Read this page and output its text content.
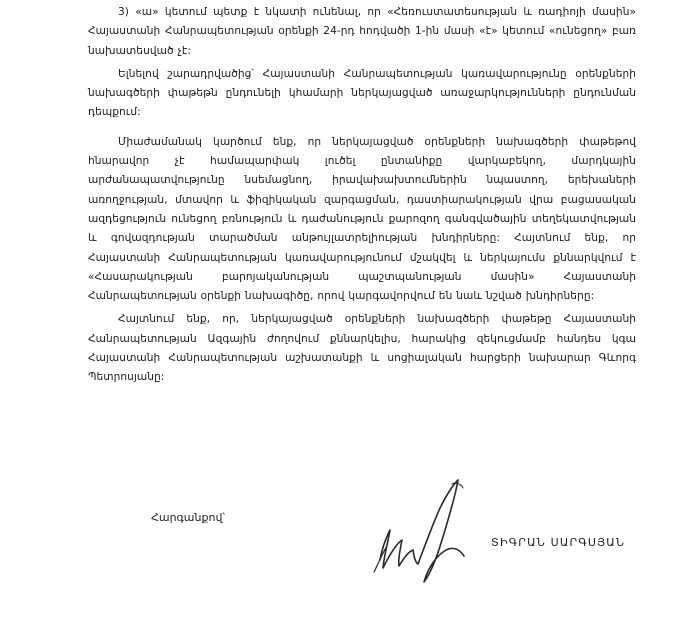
3) «ա» կետում պետք է նկատի ունենալ, որ «Հեռուստատեսության և ռադիոյի մասին» Հայաստանի Հանրապետության օրենքի 24-րդ հոդվածի 1-ին մասի «է» կետում «ունեցող» բառ նախատեսված չէ:

Ելնելով շարադրվածից՝ Հայաստանի Հանրապետության կառավարությունը օրենքների նախագծերի փաթեթն ընդունելի կհամարի ներկայացված առաջարկությունների ընդունման դեպքում:

Միաժամանակ կարծում ենք, որ ներկայացված օրենքների նախագծերի փաթեթով հնարավոր չէ համապարփակ լուծել ընտանիքը վարկաբեկող, մարդկային արժանապատվությունը նսեմացնող, իրավախախտումներին նպաստող, երեխաների առողջության, մտավոր և ֆիզիկական զարգացման, դաստիարակության վրա բացասական ազդեցություն ունեցող բռնություն և դաժանություն քարոզող գանգվածային տեղեկատվության և գովազդության տարածման անթույլատրելիության խնդիրները: Հայտնում ենք, որ Հայաստանի Հանրապետության կառավարությունում մշակվել և ներկայումս քննարկվում է «Հասարակության բարոյականության պաշտպանության մասին» Հայաստանի Հանրապետության օրենքի նախագիծը, որով կարգավորվում են նաև նշված խնդիրները:

Հայտնում ենք, որ, ներկայացված օրենքների նախագծերի փաթեթը Հայաստանի Հանրապետության Ազգային ժողովում քննարկելիս, հարակից զեկուցմամբ հանդես կգա Հայաստանի Հանրապետության աշխատանքի և սոցիալական հարցերի նախարար Գևորգ Պետրոսյանը:

Հարգանքով՝

ՏԻԳՐԱՆ ՍԱՐԳՍՅԱՆ
